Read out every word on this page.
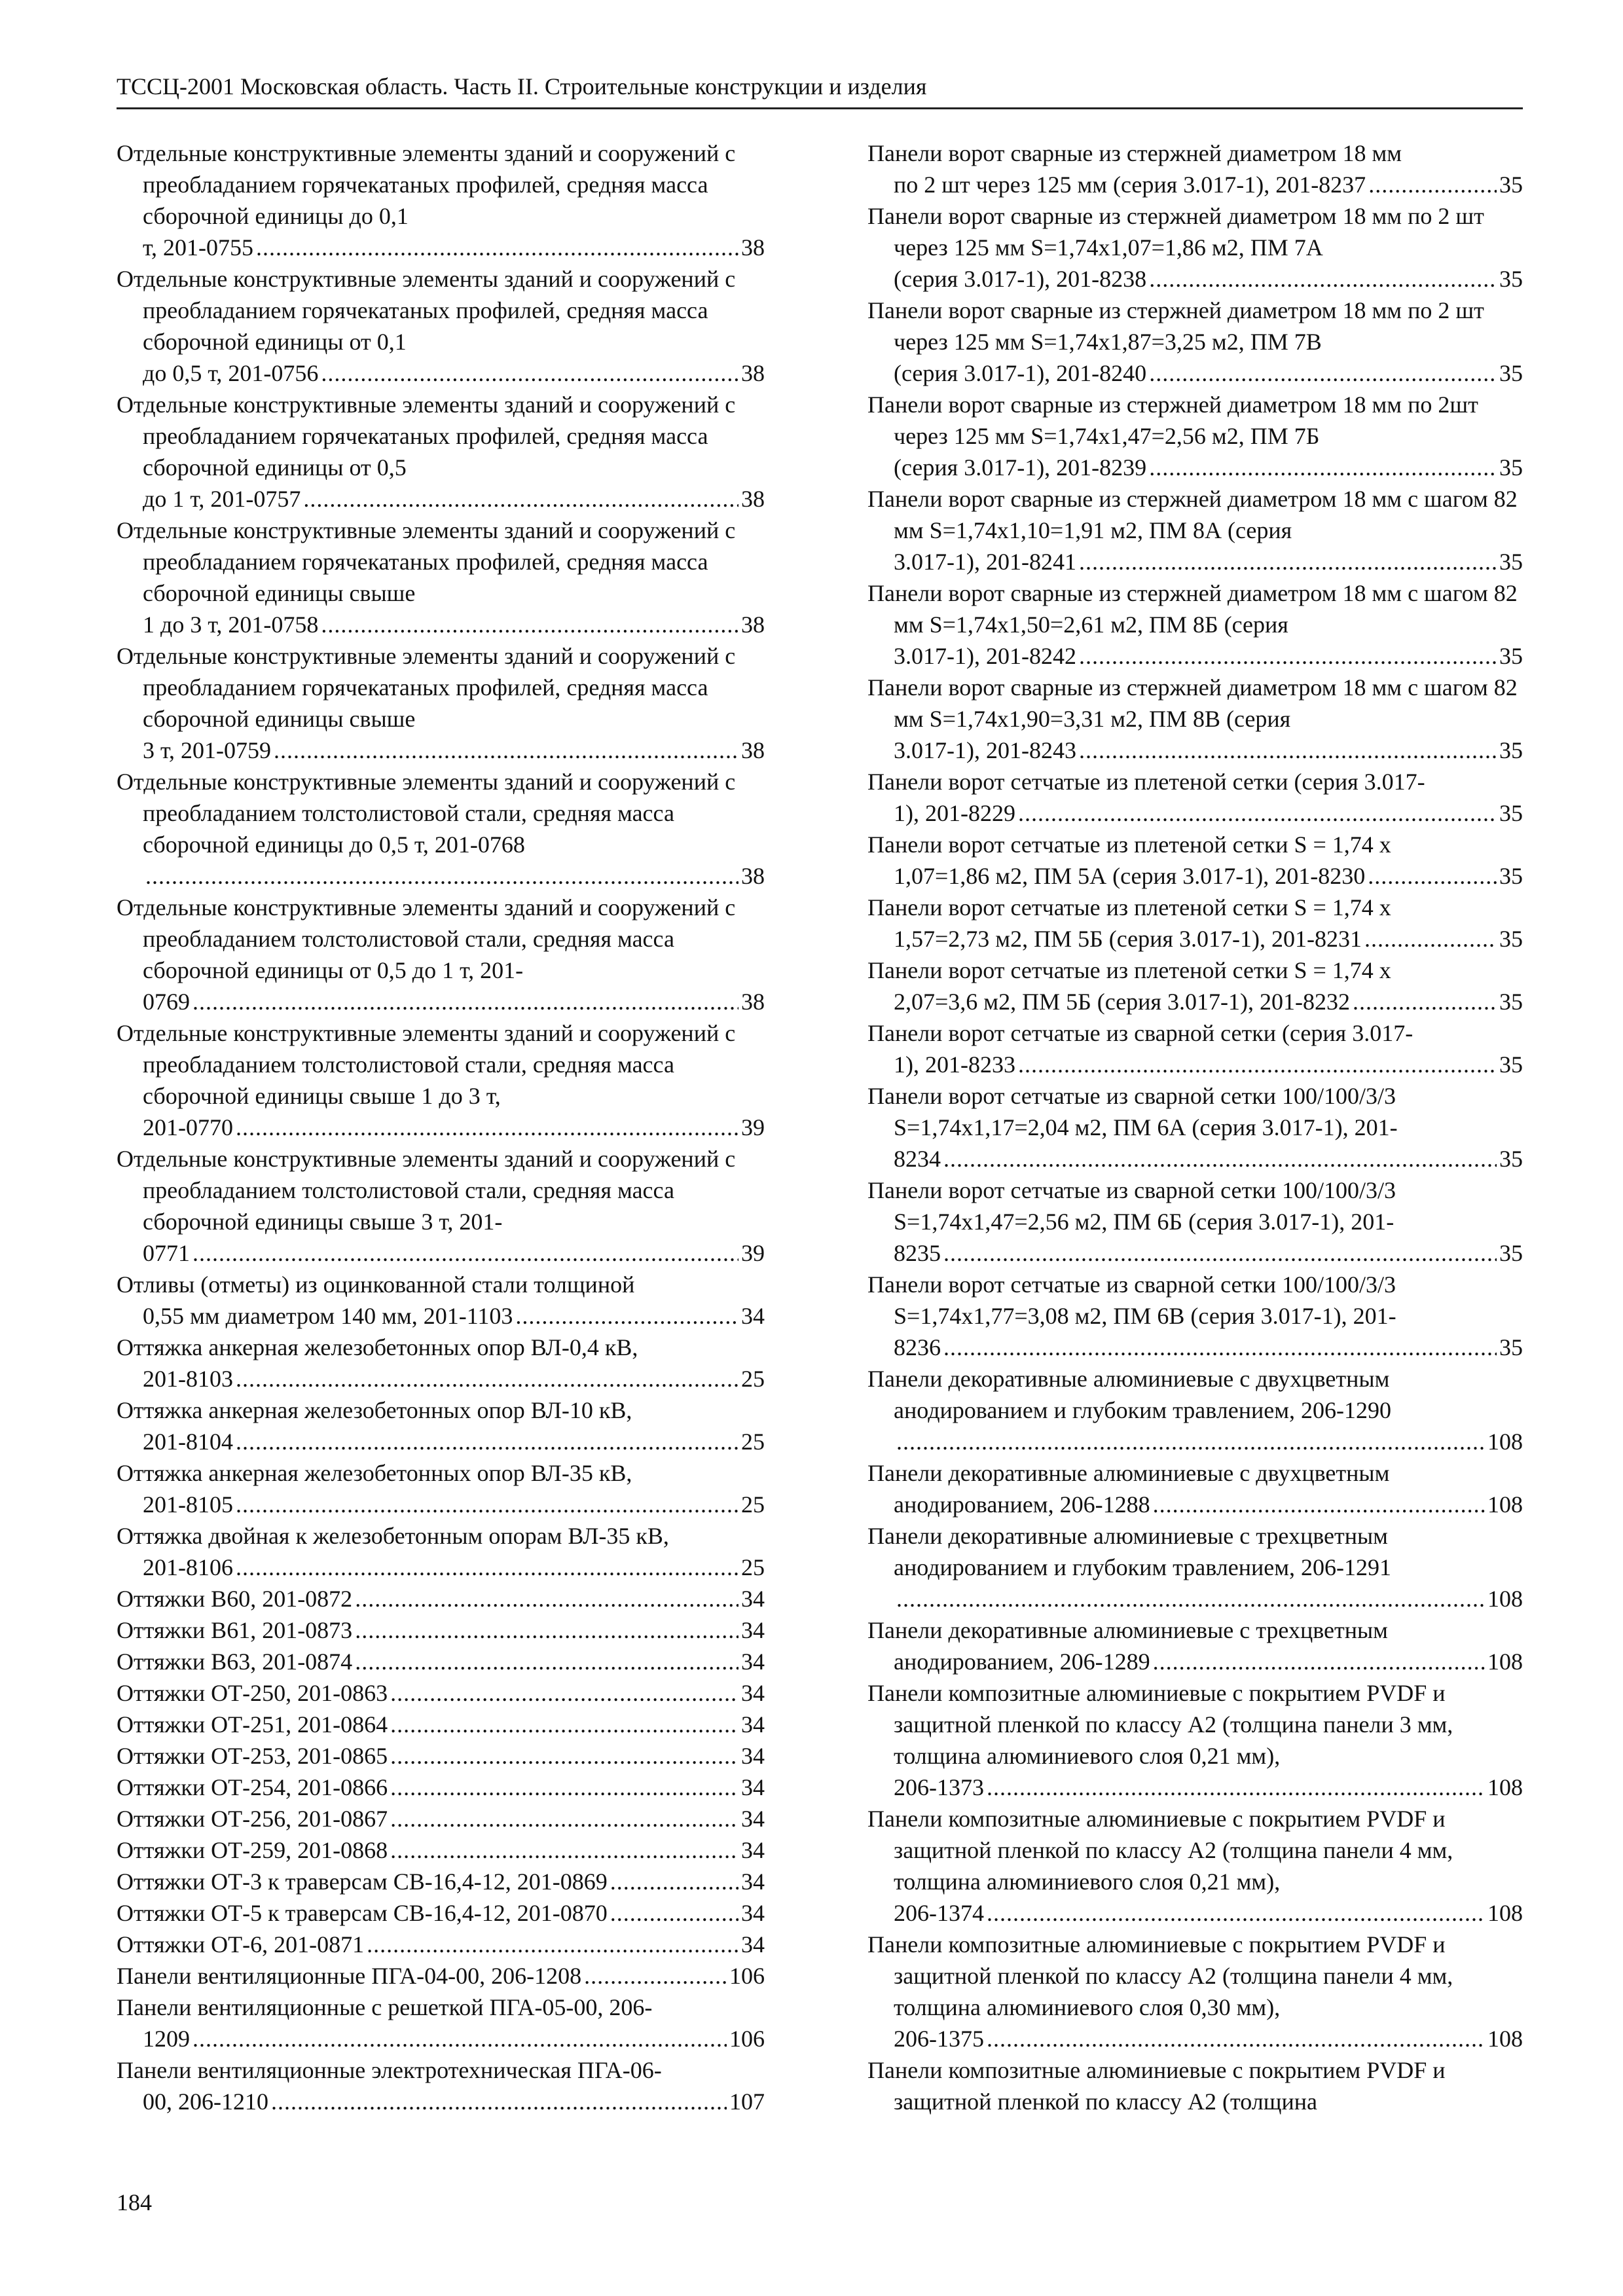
ТССЦ-2001 Московская область. Часть II. Строительные конструкции и изделия
Отдельные конструктивные элементы зданий и сооружений с преобладанием горячекатаных профилей, средняя масса сборочной единицы до 0,1
т, 201-0755 .....	38
Отдельные конструктивные элементы зданий и сооружений с преобладанием горячекатаных профилей, средняя масса сборочной единицы от 0,1
до 0,5 т, 201-0756 .....	38
Отдельные конструктивные элементы зданий и сооружений с преобладанием горячекатаных профилей, средняя масса сборочной единицы от 0,5
до 1 т, 201-0757 .....	38
Отдельные конструктивные элементы зданий и сооружений с преобладанием горячекатаных профилей, средняя масса сборочной единицы свыше
1 до 3 т, 201-0758 .....	38
Отдельные конструктивные элементы зданий и сооружений с преобладанием горячекатаных профилей, средняя масса сборочной единицы свыше
3 т, 201-0759 .....	38
Отдельные конструктивные элементы зданий и сооружений с преобладанием толстолистовой стали, средняя масса сборочной единицы до 0,5 т, 201-0768
.....
38
Отдельные конструктивные элементы зданий и сооружений с преобладанием толстолистовой стали, средняя масса сборочной единицы от 0,5 до 1 т, 201-
0769 .....	38
Отдельные конструктивные элементы зданий и сооружений с преобладанием толстолистовой стали, средняя масса сборочной единицы свыше 1 до 3 т,
201-0770 .....	39
Отдельные конструктивные элементы зданий и сооружений с преобладанием толстолистовой стали, средняя масса сборочной единицы свыше 3 т, 201-
0771 .....	39
Отливы (отметы) из оцинкованной стали толщиной
0,55 мм диаметром 140 мм, 201-1103 .....	34
Оттяжка анкерная железобетонных опор ВЛ-0,4 кВ,
201-8103 .....	25
Оттяжка анкерная железобетонных опор ВЛ-10 кВ,
201-8104 .....	25
Оттяжка анкерная железобетонных опор ВЛ-35 кВ,
201-8105 .....	25
Оттяжка двойная к железобетонным опорам ВЛ-35 кВ,
201-8106 .....	25
Оттяжки В60, 201-0872 .....	34
Оттяжки В61, 201-0873 .....	34
Оттяжки В63, 201-0874 .....	34
Оттяжки ОТ-250, 201-0863 .....	34
Оттяжки ОТ-251, 201-0864 .....	34
Оттяжки ОТ-253, 201-0865 .....	34
Оттяжки ОТ-254, 201-0866 .....	34
Оттяжки ОТ-256, 201-0867 .....	34
Оттяжки ОТ-259, 201-0868 .....	34
Оттяжки ОТ-3 к траверсам СВ-16,4-12, 201-0869 .....	34
Оттяжки ОТ-5 к траверсам СВ-16,4-12, 201-0870 .....	34
Оттяжки ОТ-6, 201-0871 .....	34
Панели вентиляционные ПГА-04-00, 206-1208 .....	106
Панели вентиляционные с решеткой ПГА-05-00, 206-
1209 .....	106
Панели вентиляционные электротехническая ПГА-06-
00, 206-1210 .....	107
Панели ворот сварные из стержней диаметром 18 мм
по 2 шт через 125 мм (серия 3.017-1), 201-8237 .....	35
Панели ворот сварные из стержней диаметром 18 мм по 2 шт через 125 мм S=1,74х1,07=1,86 м2, ПМ 7А
(серия 3.017-1), 201-8238 .....	35
Панели ворот сварные из стержней диаметром 18 мм по 2 шт через 125 мм S=1,74х1,87=3,25 м2, ПМ 7В
(серия 3.017-1), 201-8240 .....	35
Панели ворот сварные из стержней диаметром 18 мм по 2шт через 125 мм S=1,74х1,47=2,56 м2, ПМ 7Б
(серия 3.017-1), 201-8239 .....	35
Панели ворот сварные из стержней диаметром 18 мм с шагом 82 мм S=1,74х1,10=1,91 м2, ПМ 8А (серия
3.017-1), 201-8241 .....	35
Панели ворот сварные из стержней диаметром 18 мм с шагом 82 мм S=1,74х1,50=2,61 м2, ПМ 8Б (серия
3.017-1), 201-8242 .....	35
Панели ворот сварные из стержней диаметром 18 мм с шагом 82 мм S=1,74х1,90=3,31 м2, ПМ 8В (серия
3.017-1), 201-8243 .....	35
Панели ворот сетчатые из плетеной сетки (серия 3.017-
1), 201-8229 .....	35
Панели ворот сетчатые из плетеной сетки S = 1,74 х
1,07=1,86 м2, ПМ 5А (серия 3.017-1), 201-8230 .....	35
Панели ворот сетчатые из плетеной сетки S = 1,74 х
1,57=2,73 м2, ПМ 5Б (серия 3.017-1), 201-8231 .....	35
Панели ворот сетчатые из плетеной сетки S = 1,74 х
2,07=3,6 м2, ПМ 5Б (серия 3.017-1), 201-8232 .....	35
Панели ворот сетчатые из сварной сетки (серия 3.017-
1), 201-8233 .....	35
Панели ворот сетчатые из сварной сетки 100/100/3/3 S=1,74х1,17=2,04 м2, ПМ 6А (серия 3.017-1), 201-
8234 .....	35
Панели ворот сетчатые из сварной сетки 100/100/3/3 S=1,74х1,47=2,56 м2, ПМ 6Б (серия 3.017-1), 201-
8235 .....	35
Панели ворот сетчатые из сварной сетки 100/100/3/3 S=1,74х1,77=3,08 м2, ПМ 6В (серия 3.017-1), 201-
8236 .....	35
Панели декоративные алюминиевые с двухцветным анодированием и глубоким травлением, 206-1290
.....
108
Панели декоративные алюминиевые с двухцветным
анодированием, 206-1288 .....	108
Панели декоративные алюминиевые с трехцветным анодированием и глубоким травлением, 206-1291
.....
108
Панели декоративные алюминиевые с трехцветным
анодированием, 206-1289 .....	108
Панели композитные алюминиевые с покрытием PVDF и защитной пленкой по классу А2 (толщина панели 3 мм, толщина алюминиевого слоя 0,21 мм),
206-1373 .....	108
Панели композитные алюминиевые с покрытием PVDF и защитной пленкой по классу А2 (толщина панели 4 мм, толщина алюминиевого слоя 0,21 мм),
206-1374 .....	108
Панели композитные алюминиевые с покрытием PVDF и защитной пленкой по классу А2 (толщина панели 4 мм, толщина алюминиевого слоя 0,30 мм),
206-1375 .....	108
Панели композитные алюминиевые с покрытием PVDF и защитной пленкой по классу А2 (толщина
184
